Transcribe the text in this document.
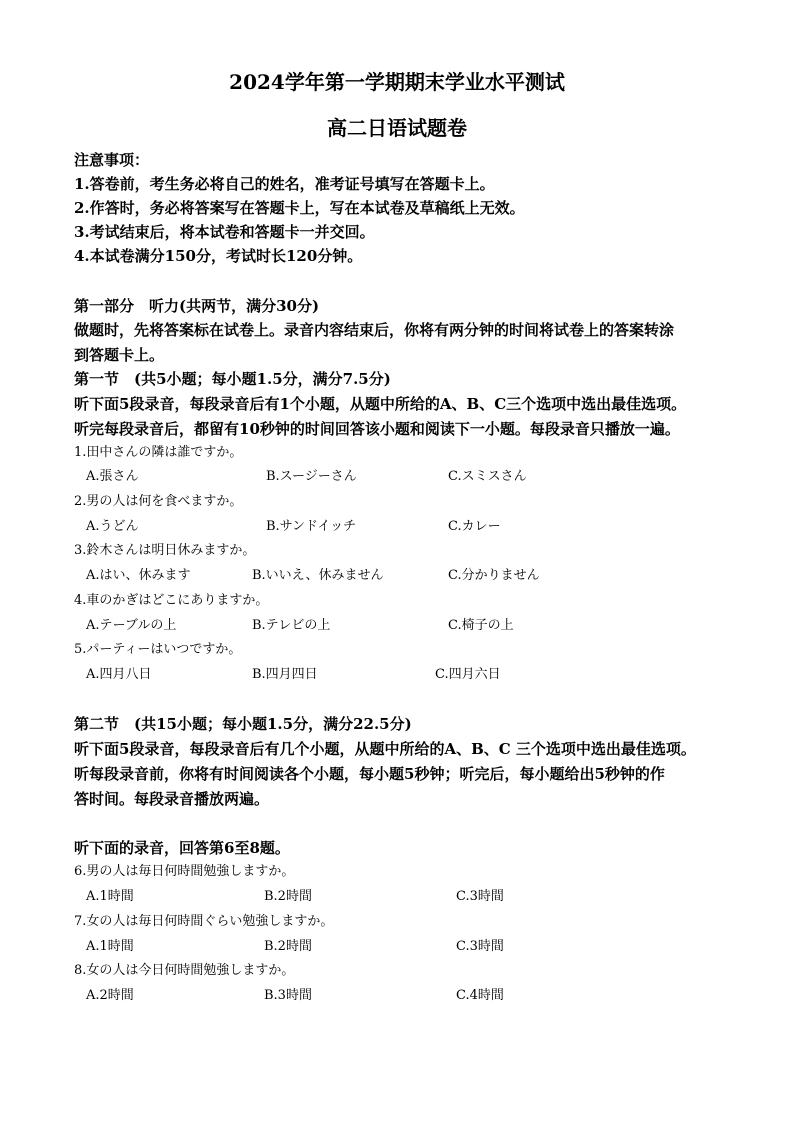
2024学年第一学期期末学业水平测试
高二日语试题卷
注意事项：
1.答卷前，考生务必将自己的姓名，准考证号填写在答题卡上。
2.作答时，务必将答案写在答题卡上，写在本试卷及草稿纸上无效。
3.考试结束后，将本试卷和答题卡一并交回。
4.本试卷满分150分，考试时长120分钟。
第一部分　听力(共两节，满分30分)
做题时，先将答案标在试卷上。录音内容结束后，你将有两分钟的时间将试卷上的答案转涂
到答题卡上。
第一节　(共5小题；每小题1.5分，满分7.5分)
听下面5段录音，每段录音后有1个小题，从题中所给的A、B、C三个选项中选出最佳选项。
听完每段录音后，都留有10秒钟的时间回答该小题和阅读下一小题。每段录音只播放一遍。
1.田中さんの隣は誰ですか。
A.張さん	B.スージーさん	C.スミスさん
2.男の人は何を食べますか。
A.うどん	B.サンドイッチ	C.カレー
3.鈴木さんは明日休みますか。
A.はい、休みます	B.いいえ、休みません	C.分かりません
4.車のかぎはどこにありますか。
A.テーブルの上	B.テレビの上	C.椅子の上
5.パーティーはいつですか。
A.四月八日	B.四月四日	C.四月六日
第二节　(共15小题；每小题1.5分，满分22.5分)
听下面5段录音，每段录音后有几个小题，从题中所给的A、B、C 三个选项中选出最佳选项。
听每段录音前，你将有时间阅读各个小题，每小题5秒钟；听完后，每小题给出5秒钟的作
答时间。每段录音播放两遍。
听下面的录音，回答第6至8题。
6.男の人は毎日何時間勉強しますか。
A.1時間	B.2時間	C.3時間
7.女の人は毎日何時間ぐらい勉強しますか。
A.1時間	B.2時間	C.3時間
8.女の人は今日何時間勉強しますか。
A.2時間	B.3時間	C.4時間
